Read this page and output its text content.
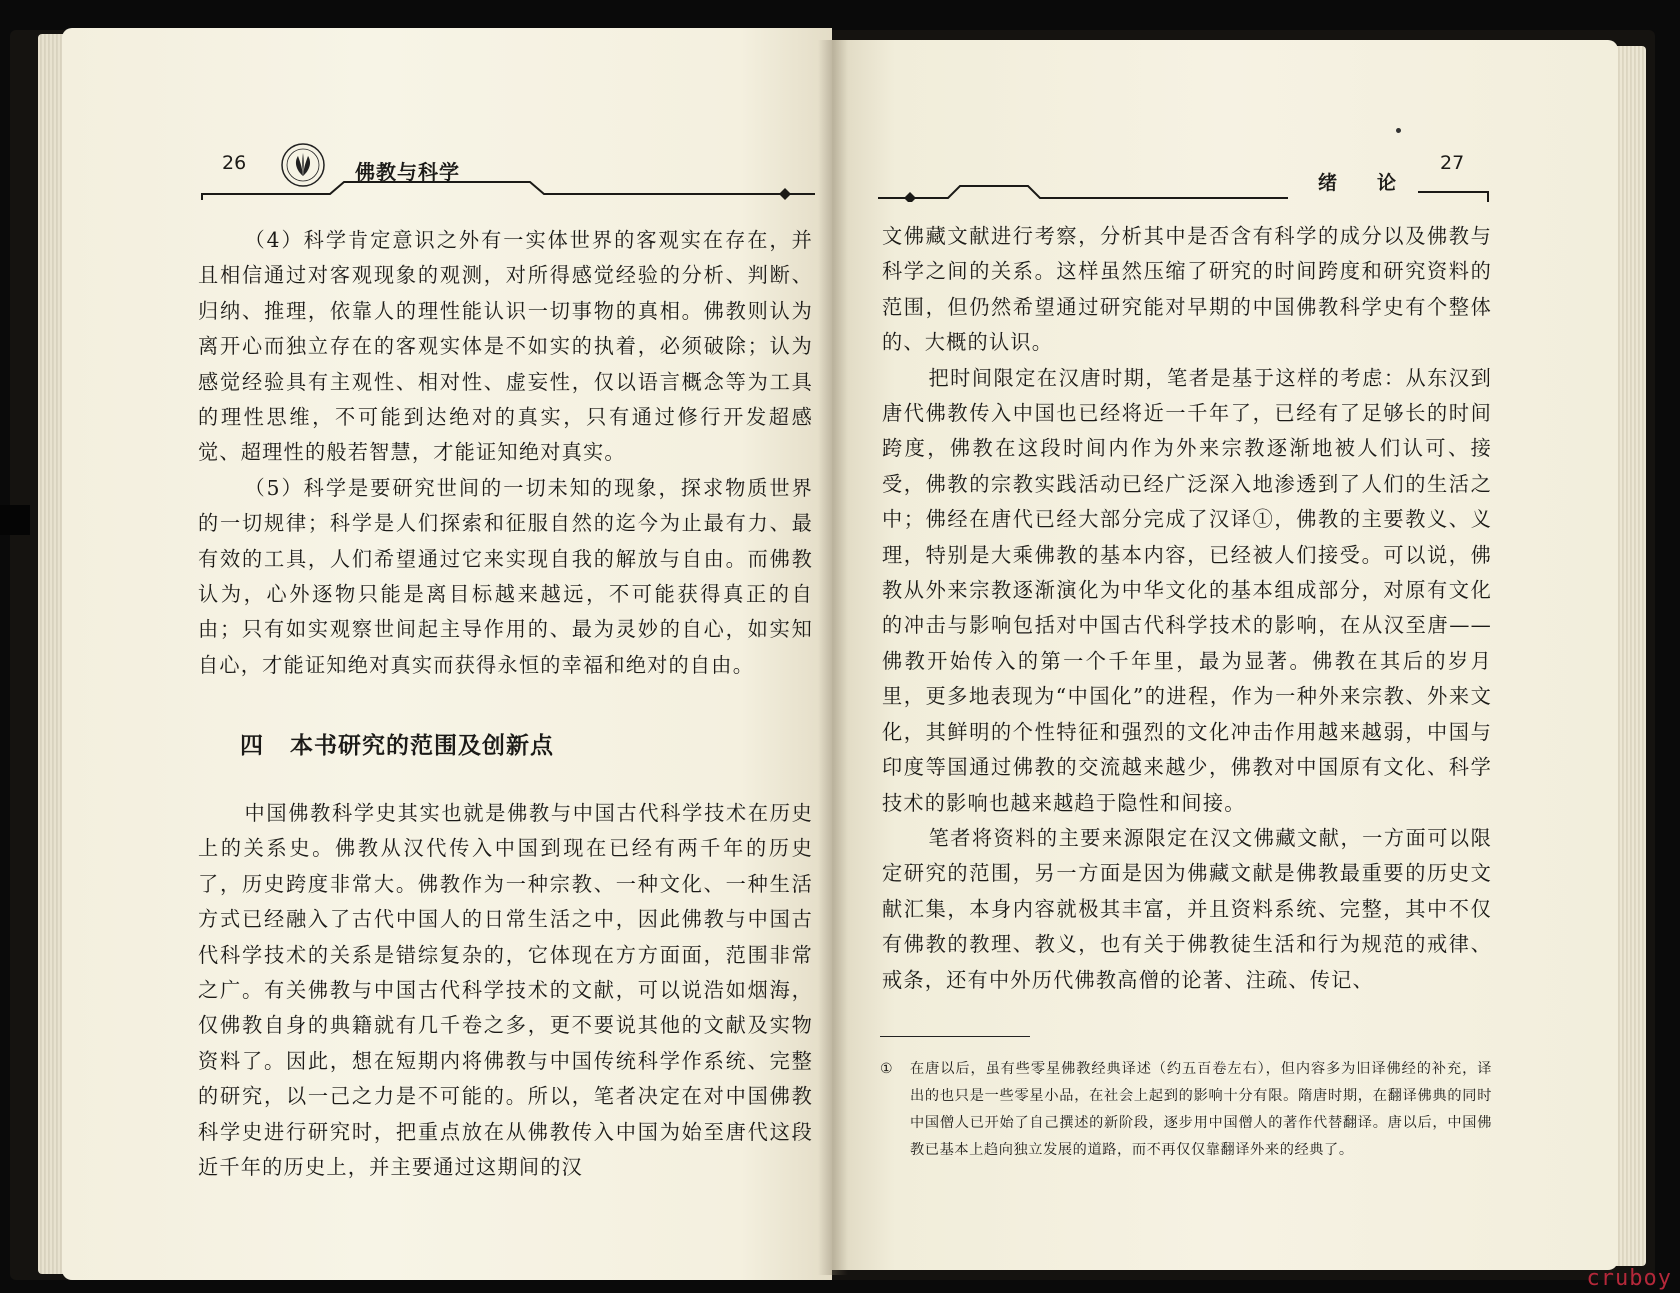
26	佛教与科学	绪论
27

（4）科学肯定意识之外有一实体世界的客观实在存在，并且相信通过对客观现象的观测，对所得感觉经验的分析、判断、归纳、推理，依靠人的理性能认识一切事物的真相。佛教则认为离开心而独立存在的客观实体是不如实的执着，必须破除；认为感觉经验具有主观性、相对性、虚妄性，仅以语言概念等为工具的理性思维，不可能到达绝对的真实，只有通过修行开发超感觉、超理性的般若智慧，才能证知绝对真实。

（5）科学是要研究世间的一切未知的现象，探求物质世界的一切规律；科学是人们探索和征服自然的迄今为止最有力、最有效的工具，人们希望通过它来实现自我的解放与自由。而佛教认为，心外逐物只能是离目标越来越远，不可能获得真正的自由；只有如实观察世间起主导作用的、最为灵妙的自心，如实知自心，才能证知绝对真实而获得永恒的幸福和绝对的自由。

四 本书研究的范围及创新点

中国佛教科学史其实也就是佛教与中国古代科学技术在历史上的关系史。佛教从汉代传入中国到现在已经有两千年的历史了，历史跨度非常大。佛教作为一种宗教、一种文化、一种生活方式已经融入了古代中国人的日常生活之中，因此佛教与中国古代科学技术的关系是错综复杂的，它体现在方方面面，范围非常之广。有关佛教与中国古代科学技术的文献，可以说浩如烟海，仅佛教自身的典籍就有几千卷之多，更不要说其他的文献及实物资料了。因此，想在短期内将佛教与中国传统科学作系统、完整的研究，以一己之力是不可能的。所以，笔者决定在对中国佛教科学史进行研究时，把重点放在从佛教传入中国为始至唐代这段近千年的历史上，并主要通过这期间的汉

文佛藏文献进行考察，分析其中是否含有科学的成分以及佛教与科学之间的关系。这样虽然压缩了研究的时间跨度和研究资料的范围，但仍然希望通过研究能对早期的中国佛教科学史有个整体的、大概的认识。

把时间限定在汉唐时期，笔者是基于这样的考虑：从东汉到唐代佛教传入中国也已经将近一千年了，已经有了足够长的时间跨度，佛教在这段时间内作为外来宗教逐渐地被人们认可、接受，佛教的宗教实践活动已经广泛深入地渗透到了人们的生活之中；佛经在唐代已经大部分完成了汉译①，佛教的主要教义、义理，特别是大乘佛教的基本内容，已经被人们接受。可以说，佛教从外来宗教逐渐演化为中华文化的基本组成部分，对原有文化的冲击与影响包括对中国古代科学技术的影响，在从汉至唐——佛教开始传入的第一个千年里，最为显著。佛教在其后的岁月里，更多地表现为“中国化”的进程，作为一种外来宗教、外来文化，其鲜明的个性特征和强烈的文化冲击作用越来越弱，中国与印度等国通过佛教的交流越来越少，佛教对中国原有文化、科学技术的影响也越来越趋于隐性和间接。

笔者将资料的主要来源限定在汉文佛藏文献，一方面可以限定研究的范围，另一方面是因为佛藏文献是佛教最重要的历史文献汇集，本身内容就极其丰富，并且资料系统、完整，其中不仅有佛教的教理、教义，也有关于佛教徒生活和行为规范的戒律、戒条，还有中外历代佛教高僧的论著、注疏、传记、

① 在唐以后，虽有些零星佛教经典译述（约五百卷左右），但内容多为旧译佛经的补充，译出的也只是一些零星小品，在社会上起到的影响十分有限。隋唐时期，在翻译佛典的同时中国僧人已开始了自己撰述的新阶段，逐步用中国僧人的著作代替翻译。唐以后，中国佛教已基本上趋向独立发展的道路，而不再仅仅靠翻译外来的经典了。
cruboy
